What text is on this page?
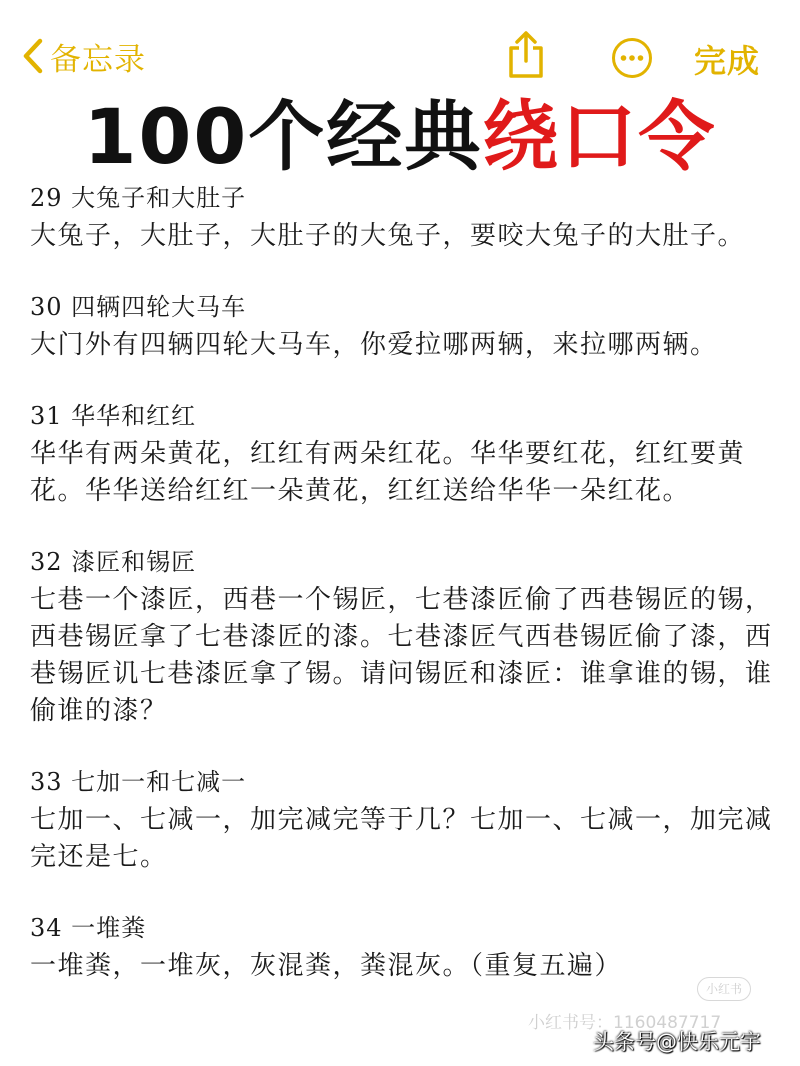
备忘录	完成
100个经典绕口令
29 大兔子和大肚子
大兔子，大肚子，大肚子的大兔子，要咬大兔子的大肚子。
30 四辆四轮大马车
大门外有四辆四轮大马车，你爱拉哪两辆，来拉哪两辆。
31 华华和红红
华华有两朵黄花，红红有两朵红花。华华要红花，红红要黄花。华华送给红红一朵黄花，红红送给华华一朵红花。
32 漆匠和锡匠
七巷一个漆匠，西巷一个锡匠，七巷漆匠偷了西巷锡匠的锡，西巷锡匠拿了七巷漆匠的漆。七巷漆匠气西巷锡匠偷了漆，西巷锡匠讥七巷漆匠拿了锡。请问锡匠和漆匠：谁拿谁的锡，谁偷谁的漆？
33 七加一和七减一
七加一、七减一，加完减完等于几？七加一、七减一，加完减完还是七。
34 一堆粪
一堆粪，一堆灰，灰混粪，粪混灰。（重复五遍）
小红书
小红书号：1160487717
头条号@快乐元宇
